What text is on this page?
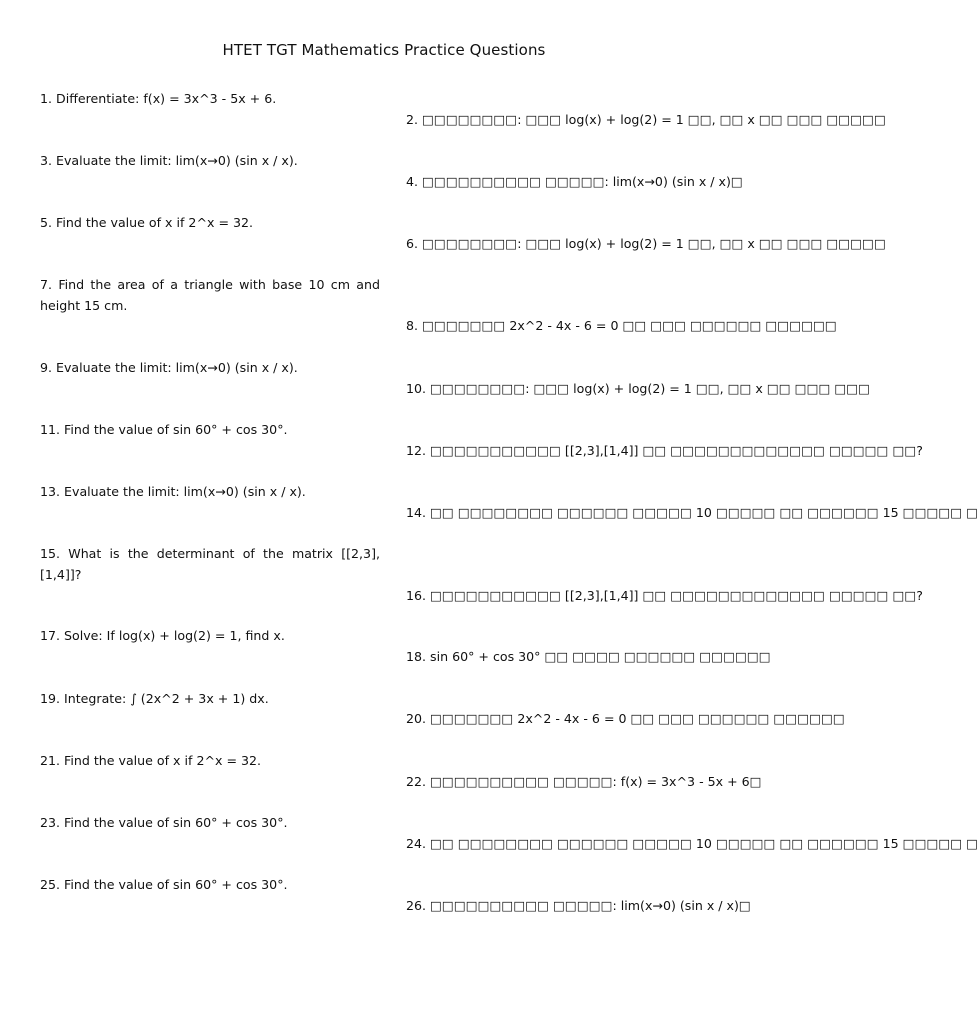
HTET TGT Mathematics Practice Questions
1. Differentiate: f(x) = 3x^3 - 5x + 6.
3. Evaluate the limit: lim(x→0) (sin x / x).
5. Find the value of x if 2^x = 32.
7. Find the area of a triangle with base 10 cm and height 15 cm.
9. Evaluate the limit: lim(x→0) (sin x / x).
11. Find the value of sin 60° + cos 30°.
13. Evaluate the limit: lim(x→0) (sin x / x).
15. What is the determinant of the matrix [[2,3],[1,4]]?
17. Solve: If log(x) + log(2) = 1, find x.
19. Integrate: ∫ (2x^2 + 3x + 1) dx.
21. Find the value of x if 2^x = 32.
23. Find the value of sin 60° + cos 30°.
25. Find the value of sin 60° + cos 30°.
2. □□□□□□□□: □□□ log(x) + log(2) = 1 □□, □□ x □□ □□□ □□□□□
4. □□□□□□□□□□ □□□□□: lim(x→0) (sin x / x)□
6. □□□□□□□□: □□□ log(x) + log(2) = 1 □□, □□ x □□ □□□ □□□□□
8. □□□□□□□ 2x^2 - 4x - 6 = 0 □□ □□□ □□□□□□ □□□□□□
10. □□□□□□□□: □□□ log(x) + log(2) = 1 □□, □□ x □□ □□□ □□□
12. □□□□□□□□□□□ [[2,3],[1,4]] □□ □□□□□□□□□□□□□ □□□□□ □□?
14. □□ □□□□□□□□ □□□□□□ □□□□□ 10 □□□□□ □□ □□□□□□ 15 □□□□□ □
16. □□□□□□□□□□□ [[2,3],[1,4]] □□ □□□□□□□□□□□□□ □□□□□ □□?
18. sin 60° + cos 30° □□ □□□□ □□□□□□ □□□□□□
20. □□□□□□□ 2x^2 - 4x - 6 = 0 □□ □□□ □□□□□□ □□□□□□
22. □□□□□□□□□□ □□□□□: f(x) = 3x^3 - 5x + 6□
24. □□ □□□□□□□□ □□□□□□ □□□□□ 10 □□□□□ □□ □□□□□□ 15 □□□□□ □
26. □□□□□□□□□□ □□□□□: lim(x→0) (sin x / x)□
